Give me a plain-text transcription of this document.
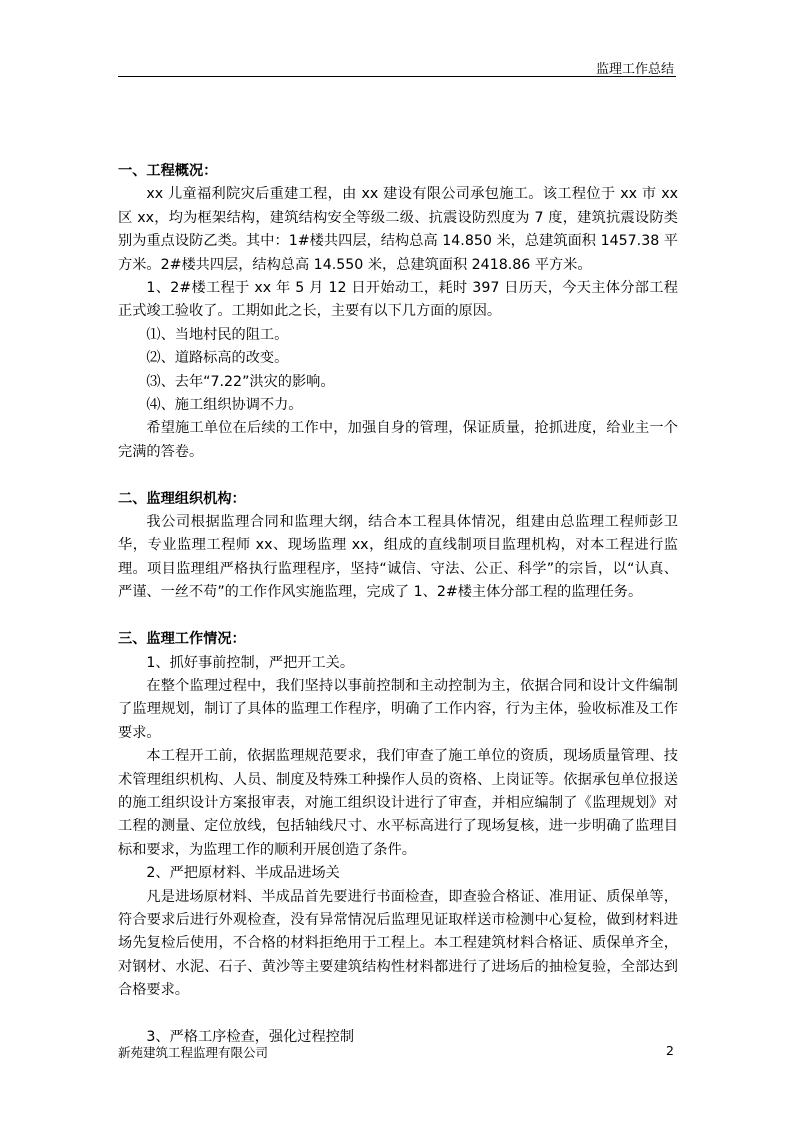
监理工作总结

一、工程概况：

xx 儿童福利院灾后重建工程，由 xx 建设有限公司承包施工。该工程位于 xx 市 xx 区 xx，均为框架结构，建筑结构安全等级二级、抗震设防烈度为 7 度，建筑抗震设防类别为重点设防乙类。其中：1#楼共四层，结构总高 14.850 米，总建筑面积 1457.38 平方米。2#楼共四层，结构总高 14.550 米，总建筑面积 2418.86 平方米。

1、2#楼工程于 xx 年 5 月 12 日开始动工，耗时 397 日历天，今天主体分部工程正式竣工验收了。工期如此之长，主要有以下几方面的原因。

⑴、当地村民的阻工。

⑵、道路标高的改变。

⑶、去年“7.22”洪灾的影响。

⑷、施工组织协调不力。

希望施工单位在后续的工作中，加强自身的管理，保证质量，抢抓进度，给业主一个完满的答卷。

二、监理组织机构：

我公司根据监理合同和监理大纲，结合本工程具体情况，组建由总监理工程师彭卫华，专业监理工程师 xx、现场监理 xx，组成的直线制项目监理机构，对本工程进行监理。项目监理组严格执行监理程序，坚持“诚信、守法、公正、科学”的宗旨，以“认真、严谨、一丝不苟”的工作作风实施监理，完成了 1、2#楼主体分部工程的监理任务。

三、监理工作情况：

1、抓好事前控制，严把开工关。

在整个监理过程中，我们坚持以事前控制和主动控制为主，依据合同和设计文件编制了监理规划，制订了具体的监理工作程序，明确了工作内容，行为主体，验收标准及工作要求。

本工程开工前，依据监理规范要求，我们审查了施工单位的资质，现场质量管理、技术管理组织机构、人员、制度及特殊工种操作人员的资格、上岗证等。依据承包单位报送的施工组织设计方案报审表，对施工组织设计进行了审查，并相应编制了《监理规划》对工程的测量、定位放线，包括轴线尺寸、水平标高进行了现场复核，进一步明确了监理目标和要求，为监理工作的顺利开展创造了条件。

2、严把原材料、半成品进场关

凡是进场原材料、半成品首先要进行书面检查，即查验合格证、准用证、质保单等，符合要求后进行外观检查，没有异常情况后监理见证取样送市检测中心复检，做到材料进场先复检后使用，不合格的材料拒绝用于工程上。本工程建筑材料合格证、质保单齐全，对钢材、水泥、石子、黄沙等主要建筑结构性材料都进行了进场后的抽检复验，全部达到合格要求。

3、严格工序检查，强化过程控制

新苑建筑工程监理有限公司	2
